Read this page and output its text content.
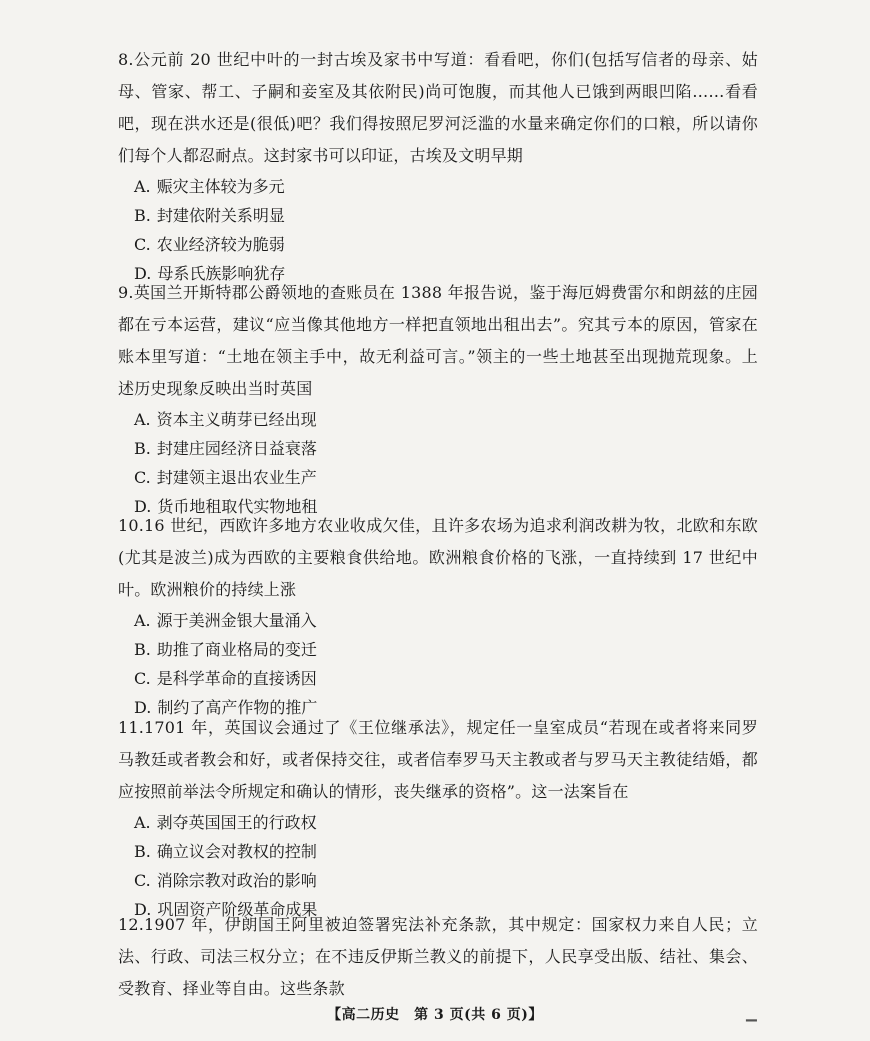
8.公元前 20 世纪中叶的一封古埃及家书中写道：看看吧，你们(包括写信者的母亲、姑母、管家、帮工、子嗣和妾室及其依附民)尚可饱腹，而其他人已饿到两眼凹陷……看看吧，现在洪水还是(很低)吧？我们得按照尼罗河泛滥的水量来确定你们的口粮，所以请你们每个人都忍耐点。这封家书可以印证，古埃及文明早期

A. 赈灾主体较为多元
B. 封建依附关系明显
C. 农业经济较为脆弱
D. 母系氏族影响犹存

9.英国兰开斯特郡公爵领地的查账员在 1388 年报告说，鉴于海厄姆费雷尔和朗兹的庄园都在亏本运营，建议“应当像其他地方一样把直领地出租出去”。究其亏本的原因，管家在账本里写道：“土地在领主手中，故无利益可言。”领主的一些土地甚至出现抛荒现象。上述历史现象反映出当时英国

A. 资本主义萌芽已经出现
B. 封建庄园经济日益衰落
C. 封建领主退出农业生产
D. 货币地租取代实物地租

10.16 世纪，西欧许多地方农业收成欠佳，且许多农场为追求利润改耕为牧，北欧和东欧(尤其是波兰)成为西欧的主要粮食供给地。欧洲粮食价格的飞涨，一直持续到 17 世纪中叶。欧洲粮价的持续上涨

A. 源于美洲金银大量涌入
B. 助推了商业格局的变迁
C. 是科学革命的直接诱因
D. 制约了高产作物的推广

11.1701 年，英国议会通过了《王位继承法》，规定任一皇室成员“若现在或者将来同罗马教廷或者教会和好，或者保持交往，或者信奉罗马天主教或者与罗马天主教徒结婚，都应按照前举法令所规定和确认的情形，丧失继承的资格”。这一法案旨在

A. 剥夺英国国王的行政权
B. 确立议会对教权的控制
C. 消除宗教对政治的影响
D. 巩固资产阶级革命成果

12.1907 年，伊朗国王阿里被迫签署宪法补充条款，其中规定：国家权力来自人民；立法、行政、司法三权分立；在不违反伊斯兰教义的前提下，人民享受出版、结社、集会、受教育、择业等自由。这些条款

【高二历史　第 3 页(共 6 页)】	▁
